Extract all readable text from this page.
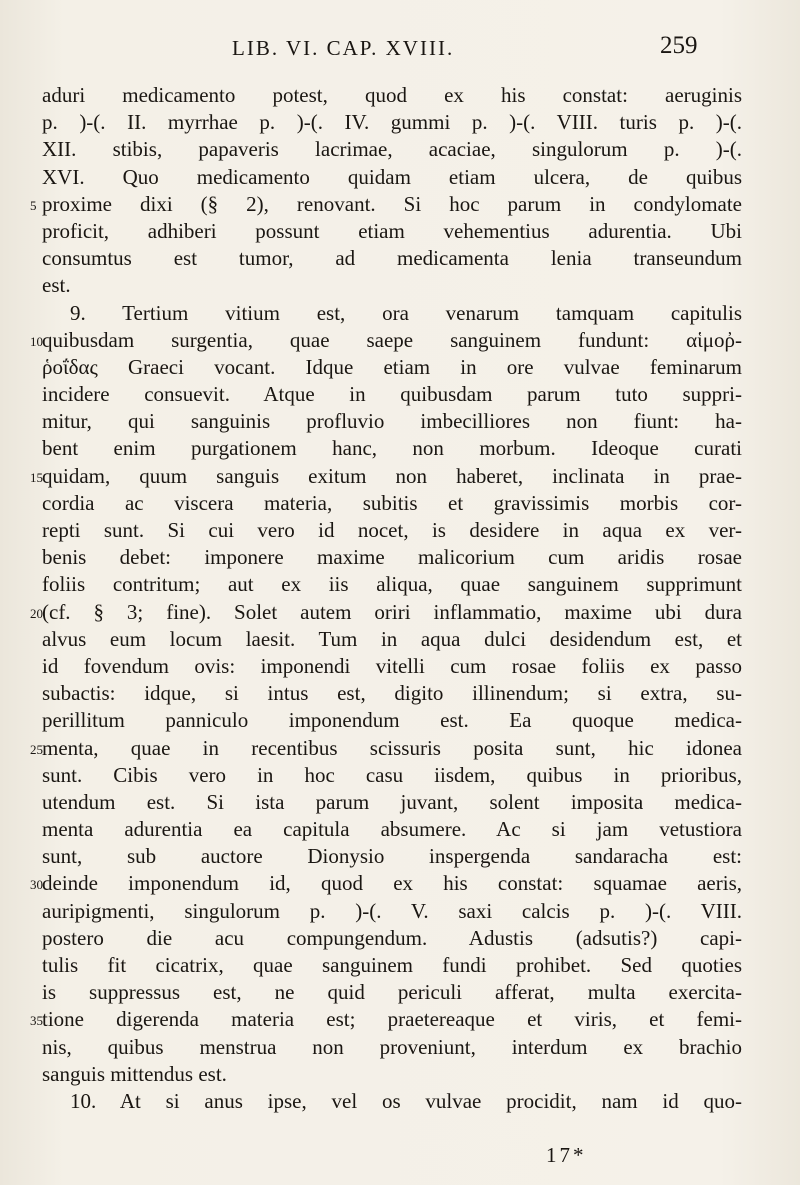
LIB. VI. CAP. XVIII.	259
aduri medicamento potest, quod ex his constat: aeruginis
p. )-(. II. myrrhae p. )-(. IV. gummi p. )-(. VIII. turis p. )-(.
XII. stibis, papaveris lacrimae, acaciae, singulorum p. )-(.
XVI. Quo medicamento quidam etiam ulcera, de quibus
5 proxime dixi (§ 2), renovant. Si hoc parum in condylomate
proficit, adhiberi possunt etiam vehementius adurentia. Ubi
consumtus est tumor, ad medicamenta lenia transeundum
est.
9. Tertium vitium est, ora venarum tamquam capitulis
10 quibusdam surgentia, quae saepe sanguinem fundunt: αἱμοῤ-
ῥοΐδας Graeci vocant. Idque etiam in ore vulvae feminarum
incidere consuevit. Atque in quibusdam parum tuto suppri-
mitur, qui sanguinis profluvio imbecilliores non fiunt: ha-
bent enim purgationem hanc, non morbum. Ideoque curati
15 quidam, quum sanguis exitum non haberet, inclinata in prae-
cordia ac viscera materia, subitis et gravissimis morbis cor-
repti sunt. Si cui vero id nocet, is desidere in aqua ex ver-
benis debet: imponere maxime malicorium cum aridis rosae
foliis contritum; aut ex iis aliqua, quae sanguinem supprimunt
20 (cf. § 3; fine). Solet autem oriri inflammatio, maxime ubi dura
alvus eum locum laesit. Tum in aqua dulci desidendum est, et
id fovendum ovis: imponendi vitelli cum rosae foliis ex passo
subactis: idque, si intus est, digito illinendum; si extra, su-
perillitum panniculo imponendum est. Ea quoque medica-
25 menta, quae in recentibus scissuris posita sunt, hic idonea
sunt. Cibis vero in hoc casu iisdem, quibus in prioribus,
utendum est. Si ista parum juvant, solent imposita medica-
menta adurentia ea capitula absumere. Ac si jam vetustiora
sunt, sub auctore Dionysio inspergenda sandaracha est:
30 deinde imponendum id, quod ex his constat: squamae aeris,
auripigmenti, singulorum p. )-(. V. saxi calcis p. )-(. VIII.
postero die acu compungendum. Adustis (adsutis?) capi-
tulis fit cicatrix, quae sanguinem fundi prohibet. Sed quoties
is suppressus est, ne quid periculi afferat, multa exercita-
35 tione digerenda materia est; praetereaque et viris, et femi-
nis, quibus menstrua non proveniunt, interdum ex brachio
sanguis mittendus est.
10. At si anus ipse, vel os vulvae procidit, nam id quo-
17*
